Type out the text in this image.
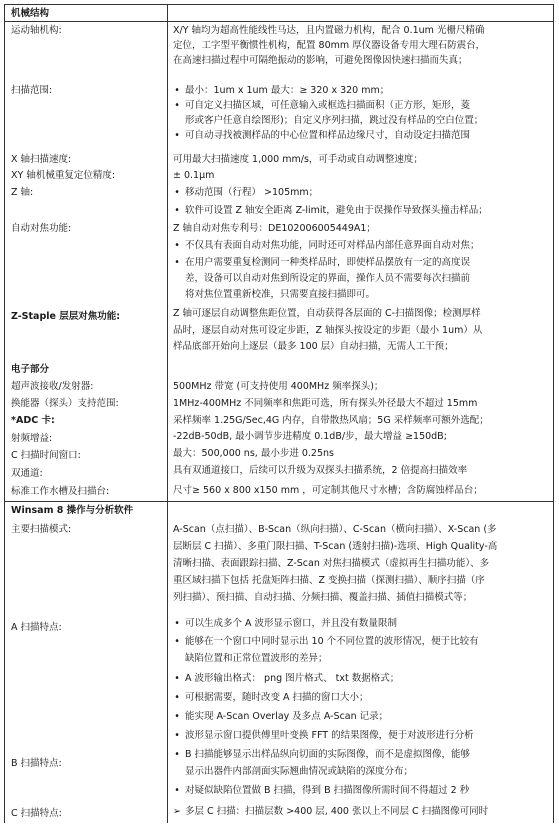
机械结构
运动轴机构:	X/Y 轴均为超高性能线性马达，且内置磁力机构，配合 0.1um 光栅尺精确
定位，工字型平衡惯性机构，配置 80mm 厚仪器设备专用大理石防震台，
在高速扫描过程中可隔绝振动的影响，可避免图像因快速扫描而失真；
扫描范围:	• 最小：1um x 1um 最大：≥ 320 x 320 mm；
• 可自定义扫描区域，可任意输入或框选扫描面积（正方形，矩形，菱
形或客户任意自绘图形)；自定义序列扫描，跳过没有样品的空白位置；
• 可自动寻找被测样品的中心位置和样品边缘尺寸，自动设定扫描范围
X 轴扫描速度:	可用最大扫描速度 1,000 mm/s，可手动或自动调整速度；
XY 轴机械重复定位精度:	± 0.1μm
Z 轴:	• 移动范围（行程） >105mm；
• 软件可设置 Z 轴安全距离 Z-limit，避免由于误操作导致探头撞击样品；
自动对焦功能:	Z 轴自动对焦专利号：DE102006005449A1；
• 不仅具有表面自动对焦功能，同时还可对样品内部任意界面自动对焦；
• 在用户需要重复检测同一种类样品时，即使样品摆放有一定的高度误
差，设备可以自动对焦到所设定的界面，操作人员不需要每次扫描前
将对焦位置重新校准，只需要直接扫描即可。
Z-Staple 层层对焦功能:	Z 轴可逐层自动调整焦距位置，自动获得各层面的 C-扫描图像；检测厚样
品时，逐层自动对焦可设定步距，Z 轴探头按设定的步距（最小 1um）从
样品底部开始向上逐层（最多 100 层）自动扫描，无需人工干预；
电子部分
超声波接收/发射器:	500MHz 带宽 (可支持使用 400MHz 频率探头)；
换能器（探头）支持范围:	1MHz-400MHz 不同频率和焦距可选，所有探头外径最大不超过 15mm
*ADC 卡:	采样频率 1.25G/Sec,4G 内存，自带散热风扇；5G 采样频率可额外选配；
射频增益:	-22dB-50dB, 最小调节步进精度 0.1dB/步，最大增益 ≥150dB;
C 扫描时间窗口:	最大：500,000 ns, 最小步进 0.25ns
双通道:	具有双通道接口，后续可以升级为双探头扫描系统，2 倍提高扫描效率
标准工作水槽及扫描台:	尺寸≥ 560 x 800 x150 mm ，可定制其他尺寸水槽；含防腐蚀样品台；
Winsam 8 操作与分析软件
主要扫描模式:	A-Scan（点扫描）、B-Scan（纵向扫描）、C-Scan（横向扫描）、X-Scan (多
层断层 C 扫描）、多重门限扫描、T-Scan (透射扫描)-选项、High Quality-高
清晰扫描、表面跟踪扫描、Z-Scan 对焦扫描模式（虚拟再生扫描功能）、多
重区域扫描下包括 托盘矩阵扫描、Z 变换扫描（探测扫描）、顺序扫描（序
列扫描）、预扫描、自动扫描、分频扫描、覆盖扫描、插值扫描模式等；
A 扫描特点:	• 可以生成多个 A 波形显示窗口，并且没有数量限制
• 能够在一个窗口中同时显示出 10 个不同位置的波形情况，便于比较有
缺陷位置和正常位置波形的差异；
• A 波形输出格式： png 图片格式、 txt 数据格式；
• 可根据需要，随时改变 A 扫描的窗口大小；
• 能实现 A-Scan Overlay 及多点 A-Scan 记录；
• 波形显示窗口提供傅里叶变换 FFT 的结果图像，便于对波形进行分析
B 扫描特点:
• B 扫描能够显示出样品纵向切面的实际图像，而不是虚拟图像，能够
显示出器件内部剖面实际翘曲情况或缺陷的深度分布；
• 对疑似缺陷位置做 B 扫描，得到 B 扫描图像所需时间不得超过 2 秒
C 扫描特点:	➢ 多层 C 扫描：扫描层数 >400 层, 400 张以上不同层 C 扫描图像可同时
